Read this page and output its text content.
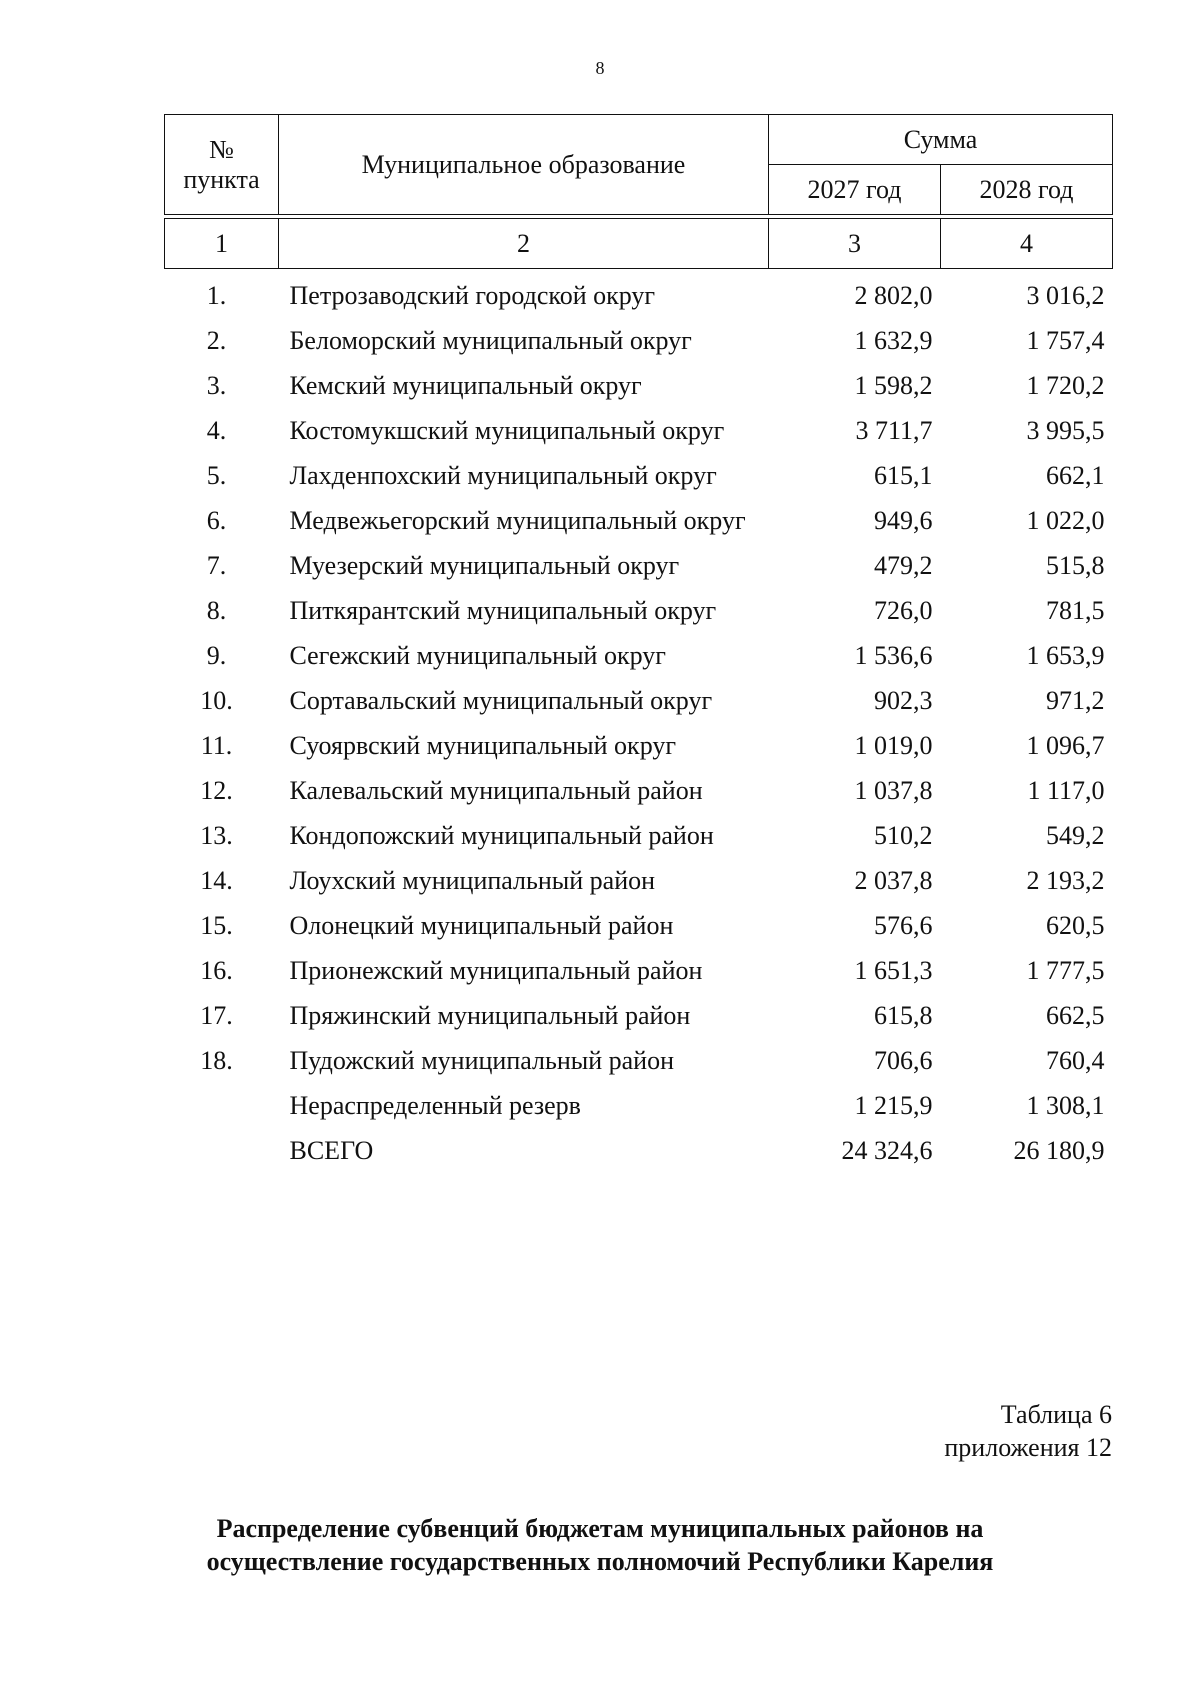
8
№
пункта	Муниципальное образование	Сумма	
		2027 год	2028 год

1	2	3	4
1.	Петрозаводский городской округ	2 802,0	3 016,2
2.	Беломорский муниципальный округ	1 632,9	1 757,4
3.	Кемский муниципальный округ	1 598,2	1 720,2
4.	Костомукшский муниципальный округ	3 711,7	3 995,5
5.	Лахденпохский муниципальный округ	615,1	662,1
6.	Медвежьегорский муниципальный округ	949,6	1 022,0
7.	Муезерский муниципальный округ	479,2	515,8
8.	Питкярантский муниципальный округ	726,0	781,5
9.	Сегежский муниципальный округ	1 536,6	1 653,9
10.	Сортавальский муниципальный округ	902,3	971,2
11.	Суоярвский муниципальный округ	1 019,0	1 096,7
12.	Калевальский муниципальный район	1 037,8	1 117,0
13.	Кондопожский муниципальный район	510,2	549,2
14.	Лоухский муниципальный район	2 037,8	2 193,2
15.	Олонецкий муниципальный район	576,6	620,5
16.	Прионежский муниципальный район	1 651,3	1 777,5
17.	Пряжинский муниципальный район	615,8	662,5
18.	Пудожский муниципальный район	706,6	760,4
	Нераспределенный резерв	1 215,9	1 308,1
	ВСЕГО	24 324,6	26 180,9
Таблица 6
приложения 12
Распределение субвенций бюджетам муниципальных районов на
осуществление государственных полномочий Республики Карелия
